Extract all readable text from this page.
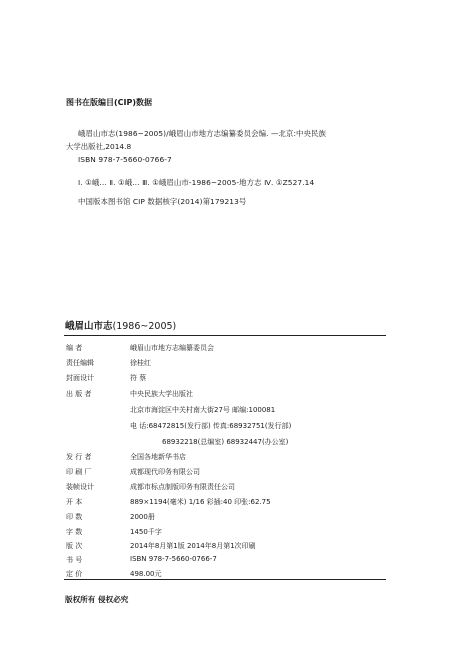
图书在版编目(CIP)数据
峨眉山市志(1986~2005)/峨眉山市地方志编纂委员会编. —北京:中央民族
大学出版社,2014.8
ISBN 978-7-5660-0766-7
Ⅰ. ①峨… Ⅱ. ①峨… Ⅲ. ①峨眉山市-1986~2005-地方志 Ⅳ. ①Z527.14
中国版本图书馆 CIP 数据核字(2014)第179213号
峨眉山市志(1986~2005)
编 者	峨眉山市地方志编纂委员会
责任编辑	徐桂红
封面设计	符 蔡
出 版 者	中央民族大学出版社
北京市海淀区中关村南大街27号 邮编:100081
电 话:68472815(发行部) 传真:68932751(发行部)
68932218(总编室) 68932447(办公室)
发 行 者	全国各地新华书店
印 刷 厂	成都现代印务有限公司
装帧设计	成都市标点制版印务有限责任公司
开 本	889×1194(毫米) 1/16 彩插:40 印张:62.75
印 数	2000册
字 数	1450千字
版 次	2014年8月第1版 2014年8月第1次印刷
书 号	ISBN 978-7-5660-0766-7
定 价	498.00元
版权所有 侵权必究
